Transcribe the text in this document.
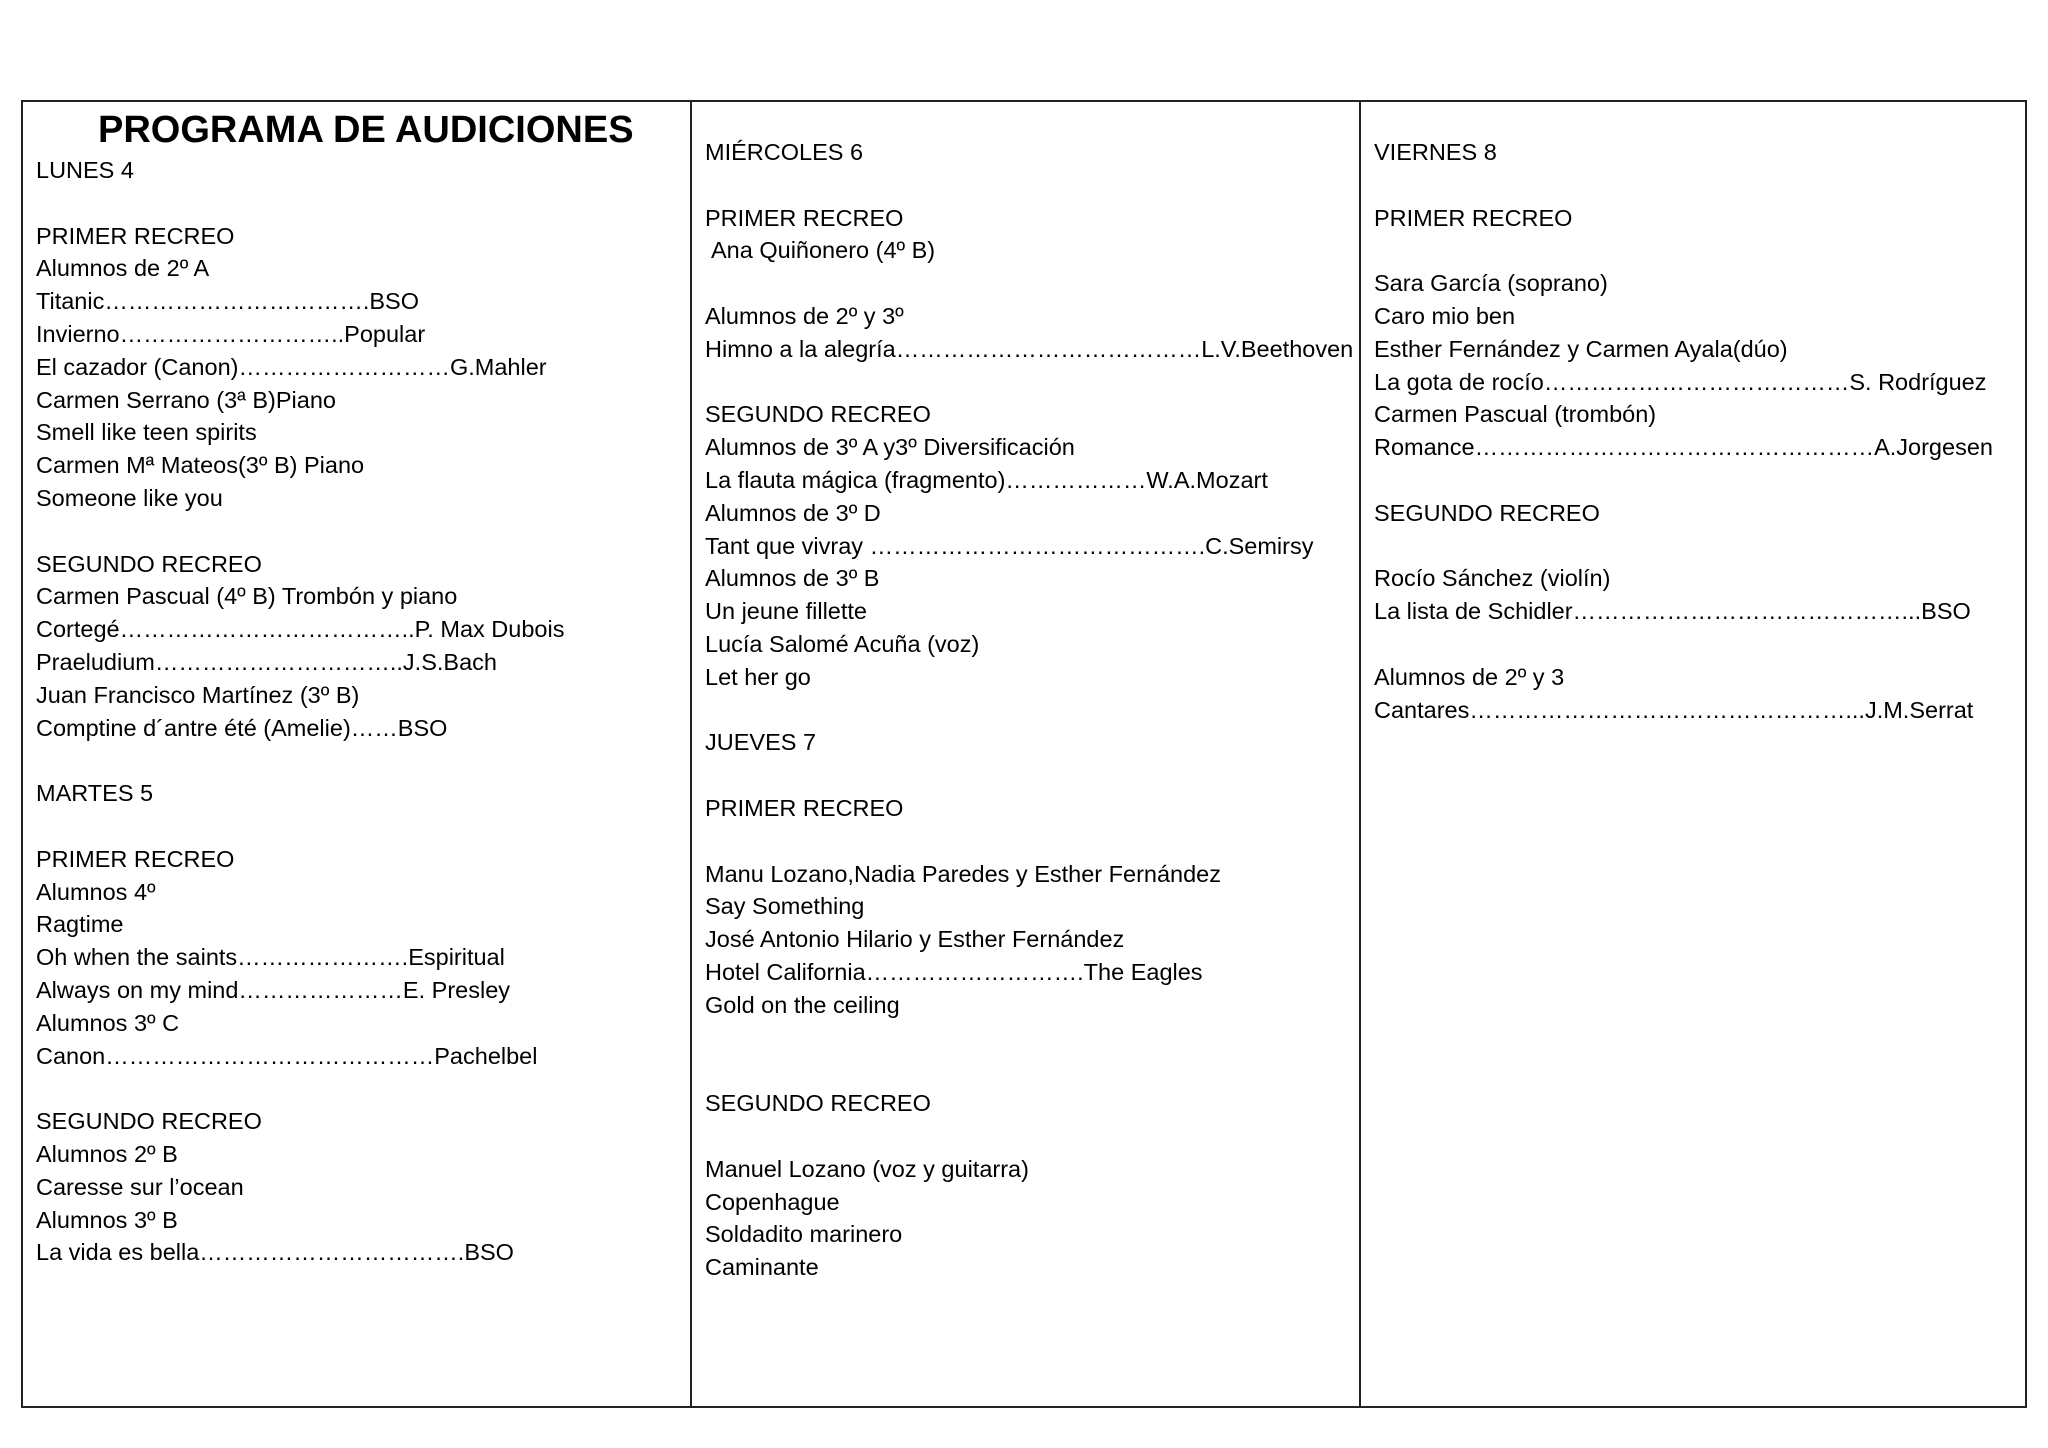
PROGRAMA DE AUDICIONES
LUNES 4

PRIMER RECREO
Alumnos de 2º A
Titanic…………………………….BSO
Invierno………………………..Popular
El cazador (Canon)………………………G.Mahler
Carmen Serrano (3ª B)Piano
Smell like teen spirits
Carmen Mª Mateos(3º B) Piano
Someone like you

SEGUNDO RECREO
Carmen Pascual (4º B) Trombón y piano
Cortegé………………………………..P. Max Dubois
Praeludium…………………………..J.S.Bach
Juan Francisco Martínez (3º B)
Comptine d´antre été (Amelie)……BSO

MARTES 5

PRIMER RECREO
Alumnos 4º
Ragtime
Oh when the saints………………….Espiritual
Always on my mind…………………E. Presley
Alumnos 3º C
Canon……………………………………Pachelbel

SEGUNDO RECREO
Alumnos 2º B
Caresse sur l’ocean
Alumnos 3º B
La vida es bella…………………………….BSO
MIÉRCOLES 6

PRIMER RECREO
Ana Quiñonero (4º B)

Alumnos de 2º y 3º
Himno a la alegría…………………………………L.V.Beethoven

SEGUNDO RECREO
Alumnos de 3º A y3º Diversificación
La flauta mágica (fragmento)………………W.A.Mozart
Alumnos de 3º D
Tant que vivray …………………………………….C.Semirsy
Alumnos de 3º B
Un jeune fillette
Lucía Salomé Acuña (voz)
Let her go

JUEVES 7

PRIMER RECREO

Manu Lozano,Nadia Paredes y Esther Fernández
Say Something
José Antonio Hilario y Esther Fernández
Hotel California……………………….The Eagles
Gold on the ceiling

SEGUNDO RECREO

Manuel Lozano (voz y guitarra)
Copenhague
Soldadito marinero
Caminante
VIERNES 8

PRIMER RECREO

Sara García (soprano)
Caro mio ben
Esther Fernández y Carmen Ayala(dúo)
La gota de rocío…………………………………S. Rodríguez
Carmen Pascual (trombón)
Romance……………………………………………A.Jorgesen

SEGUNDO RECREO

Rocío Sánchez (violín)
La lista de Schidler……………………………………...BSO

Alumnos de 2º y 3
Cantares…………………………………………...J.M.Serrat
